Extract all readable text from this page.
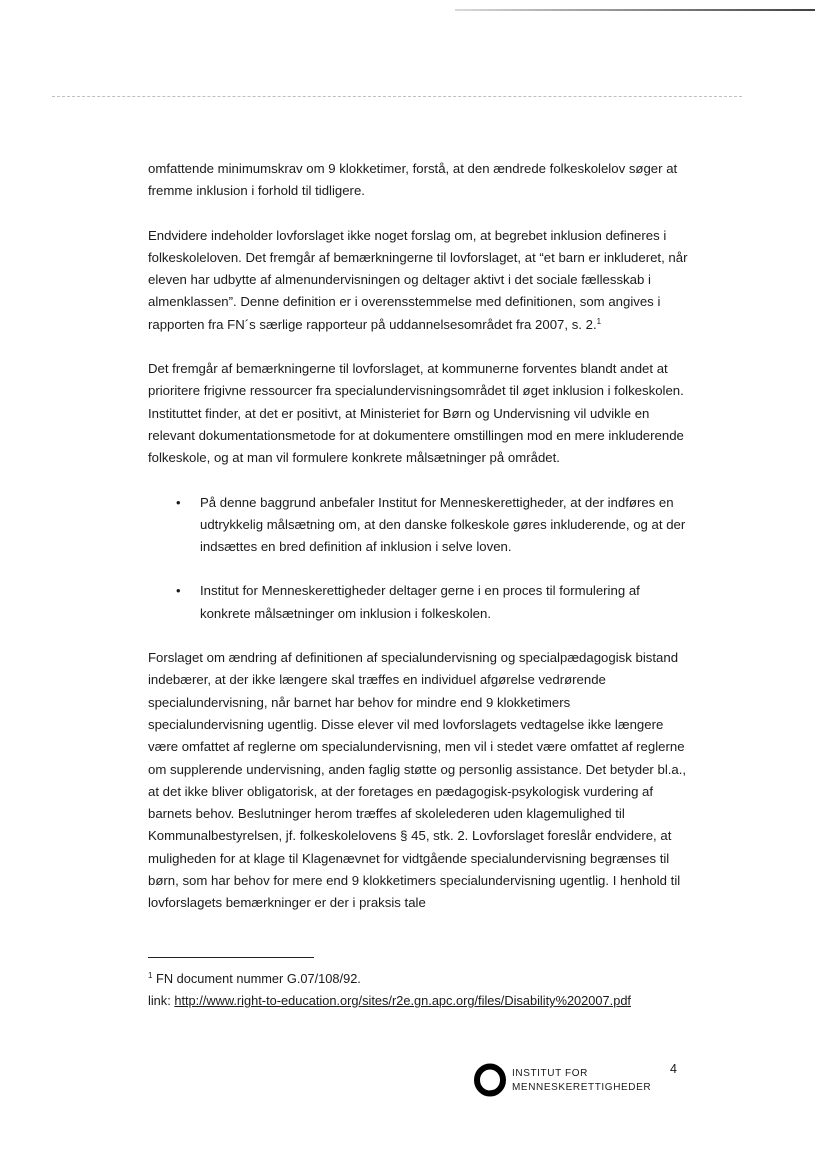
omfattende minimumskrav om 9 klokketimer, forstå, at den ændrede folkeskolelov søger at fremme inklusion i forhold til tidligere.

Endvidere indeholder lovforslaget ikke noget forslag om, at begrebet inklusion defineres i folkeskoleloven. Det fremgår af bemærkningerne til lovforslaget, at “et barn er inkluderet, når eleven har udbytte af almenundervisningen og deltager aktivt i det sociale fællesskab i almenklassen”. Denne definition er i overensstemmelse med definitionen, som angives i rapporten fra FN´s særlige rapporteur på uddannelsesområdet fra 2007, s. 2.$^1$

Det fremgår af bemærkningerne til lovforslaget, at kommunerne forventes blandt andet at prioritere frigivne ressourcer fra specialundervisningsområdet til øget inklusion i folkeskolen. Instituttet finder, at det er positivt, at Ministeriet for Børn og Undervisning vil udvikle en relevant dokumentationsmetode for at dokumentere omstillingen mod en mere inkluderende folkeskole, og at man vil formulere konkrete målsætninger på området.

• På denne baggrund anbefaler Institut for Menneskerettigheder, at der indføres en udtrykkelig målsætning om, at den danske folkeskole gøres inkluderende, og at der indsættes en bred definition af inklusion i selve loven.
• Institut for Menneskerettigheder deltager gerne i en proces til formulering af konkrete målsætninger om inklusion i folkeskolen.

Forslaget om ændring af definitionen af specialundervisning og specialpædagogisk bistand indebærer, at der ikke længere skal træffes en individuel afgørelse vedrørende specialundervisning, når barnet har behov for mindre end 9 klokketimers specialundervisning ugentlig. Disse elever vil med lovforslagets vedtagelse ikke længere være omfattet af reglerne om specialundervisning, men vil i stedet være omfattet af reglerne om supplerende undervisning, anden faglig støtte og personlig assistance. Det betyder bl.a., at det ikke bliver obligatorisk, at der foretages en pædagogisk-psykologisk vurdering af barnets behov. Beslutninger herom træffes af skolelederen uden klagemulighed til Kommunalbestyrelsen, jf. folkeskolelovens § 45, stk. 2. Lovforslaget foreslår endvidere, at muligheden for at klage til Klagenævnet for vidtgående specialundervisning begrænses til børn, som har behov for mere end 9 klokketimers specialundervisning ugentlig. I henhold til lovforslagets bemærkninger er der i praksis tale

$^1$ FN document nummer G.07/108/92.
link: http://www.right-to-education.org/sites/r2e.gn.apc.org/files/Disability%202007.pdf
INSTITUT FOR
MENNESKERETTIGHEDER
4
